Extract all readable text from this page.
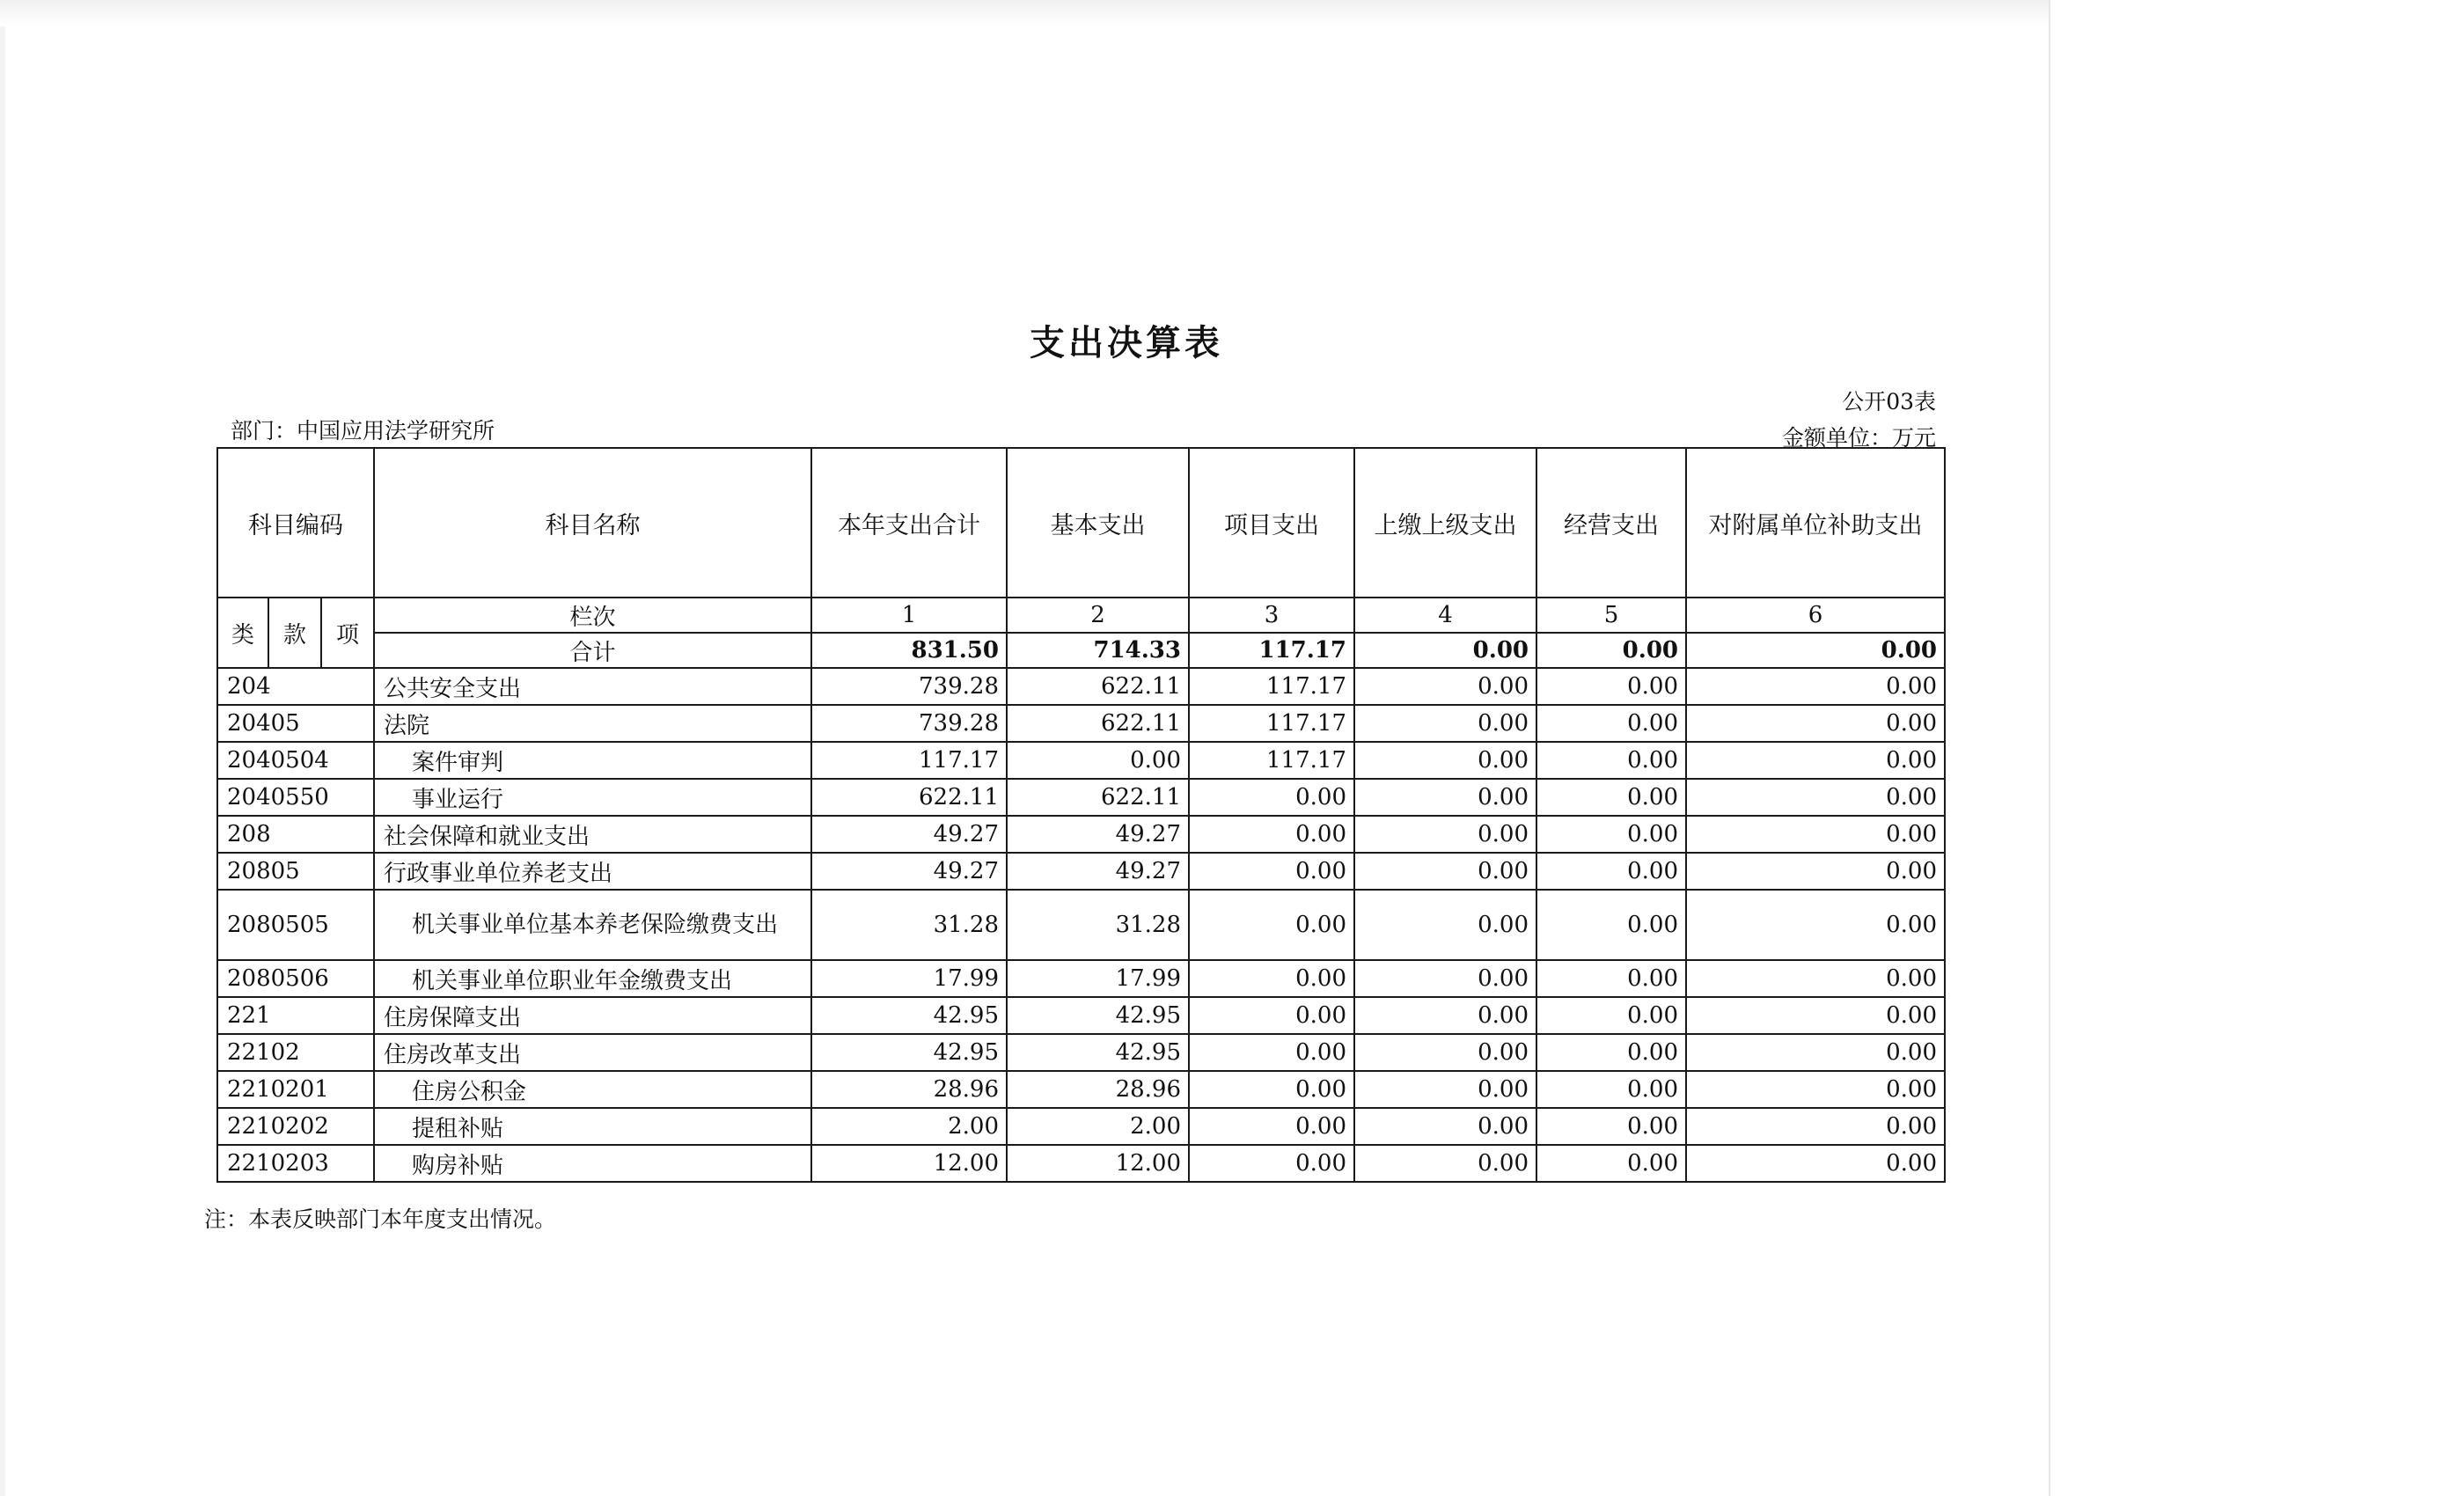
支出决算表
公开03表
部门：中国应用法学研究所	金额单位：万元
科目编码			科目名称	本年支出合计	基本支出	项目支出	上缴上级支出	经营支出	对附属单位补助支出
类	款	项	栏次	1	2	3	4	5	6
			合计	831.50	714.33	117.17	0.00	0.00	0.00
204			公共安全支出	739.28	622.11	117.17	0.00	0.00	0.00
20405			法院	739.28	622.11	117.17	0.00	0.00	0.00
2040504			案件审判	117.17	0.00	117.17	0.00	0.00	0.00
2040550			事业运行	622.11	622.11	0.00	0.00	0.00	0.00
208			社会保障和就业支出	49.27	49.27	0.00	0.00	0.00	0.00
20805			行政事业单位养老支出	49.27	49.27	0.00	0.00	0.00	0.00
2080505			机关事业单位基本养老保险缴费支出	31.28	31.28	0.00	0.00	0.00	0.00
2080506			机关事业单位职业年金缴费支出	17.99	17.99	0.00	0.00	0.00	0.00
221			住房保障支出	42.95	42.95	0.00	0.00	0.00	0.00
22102			住房改革支出	42.95	42.95	0.00	0.00	0.00	0.00
2210201			住房公积金	28.96	28.96	0.00	0.00	0.00	0.00
2210202			提租补贴	2.00	2.00	0.00	0.00	0.00	0.00
2210203			购房补贴	12.00	12.00	0.00	0.00	0.00	0.00
注：本表反映部门本年度支出情况。
